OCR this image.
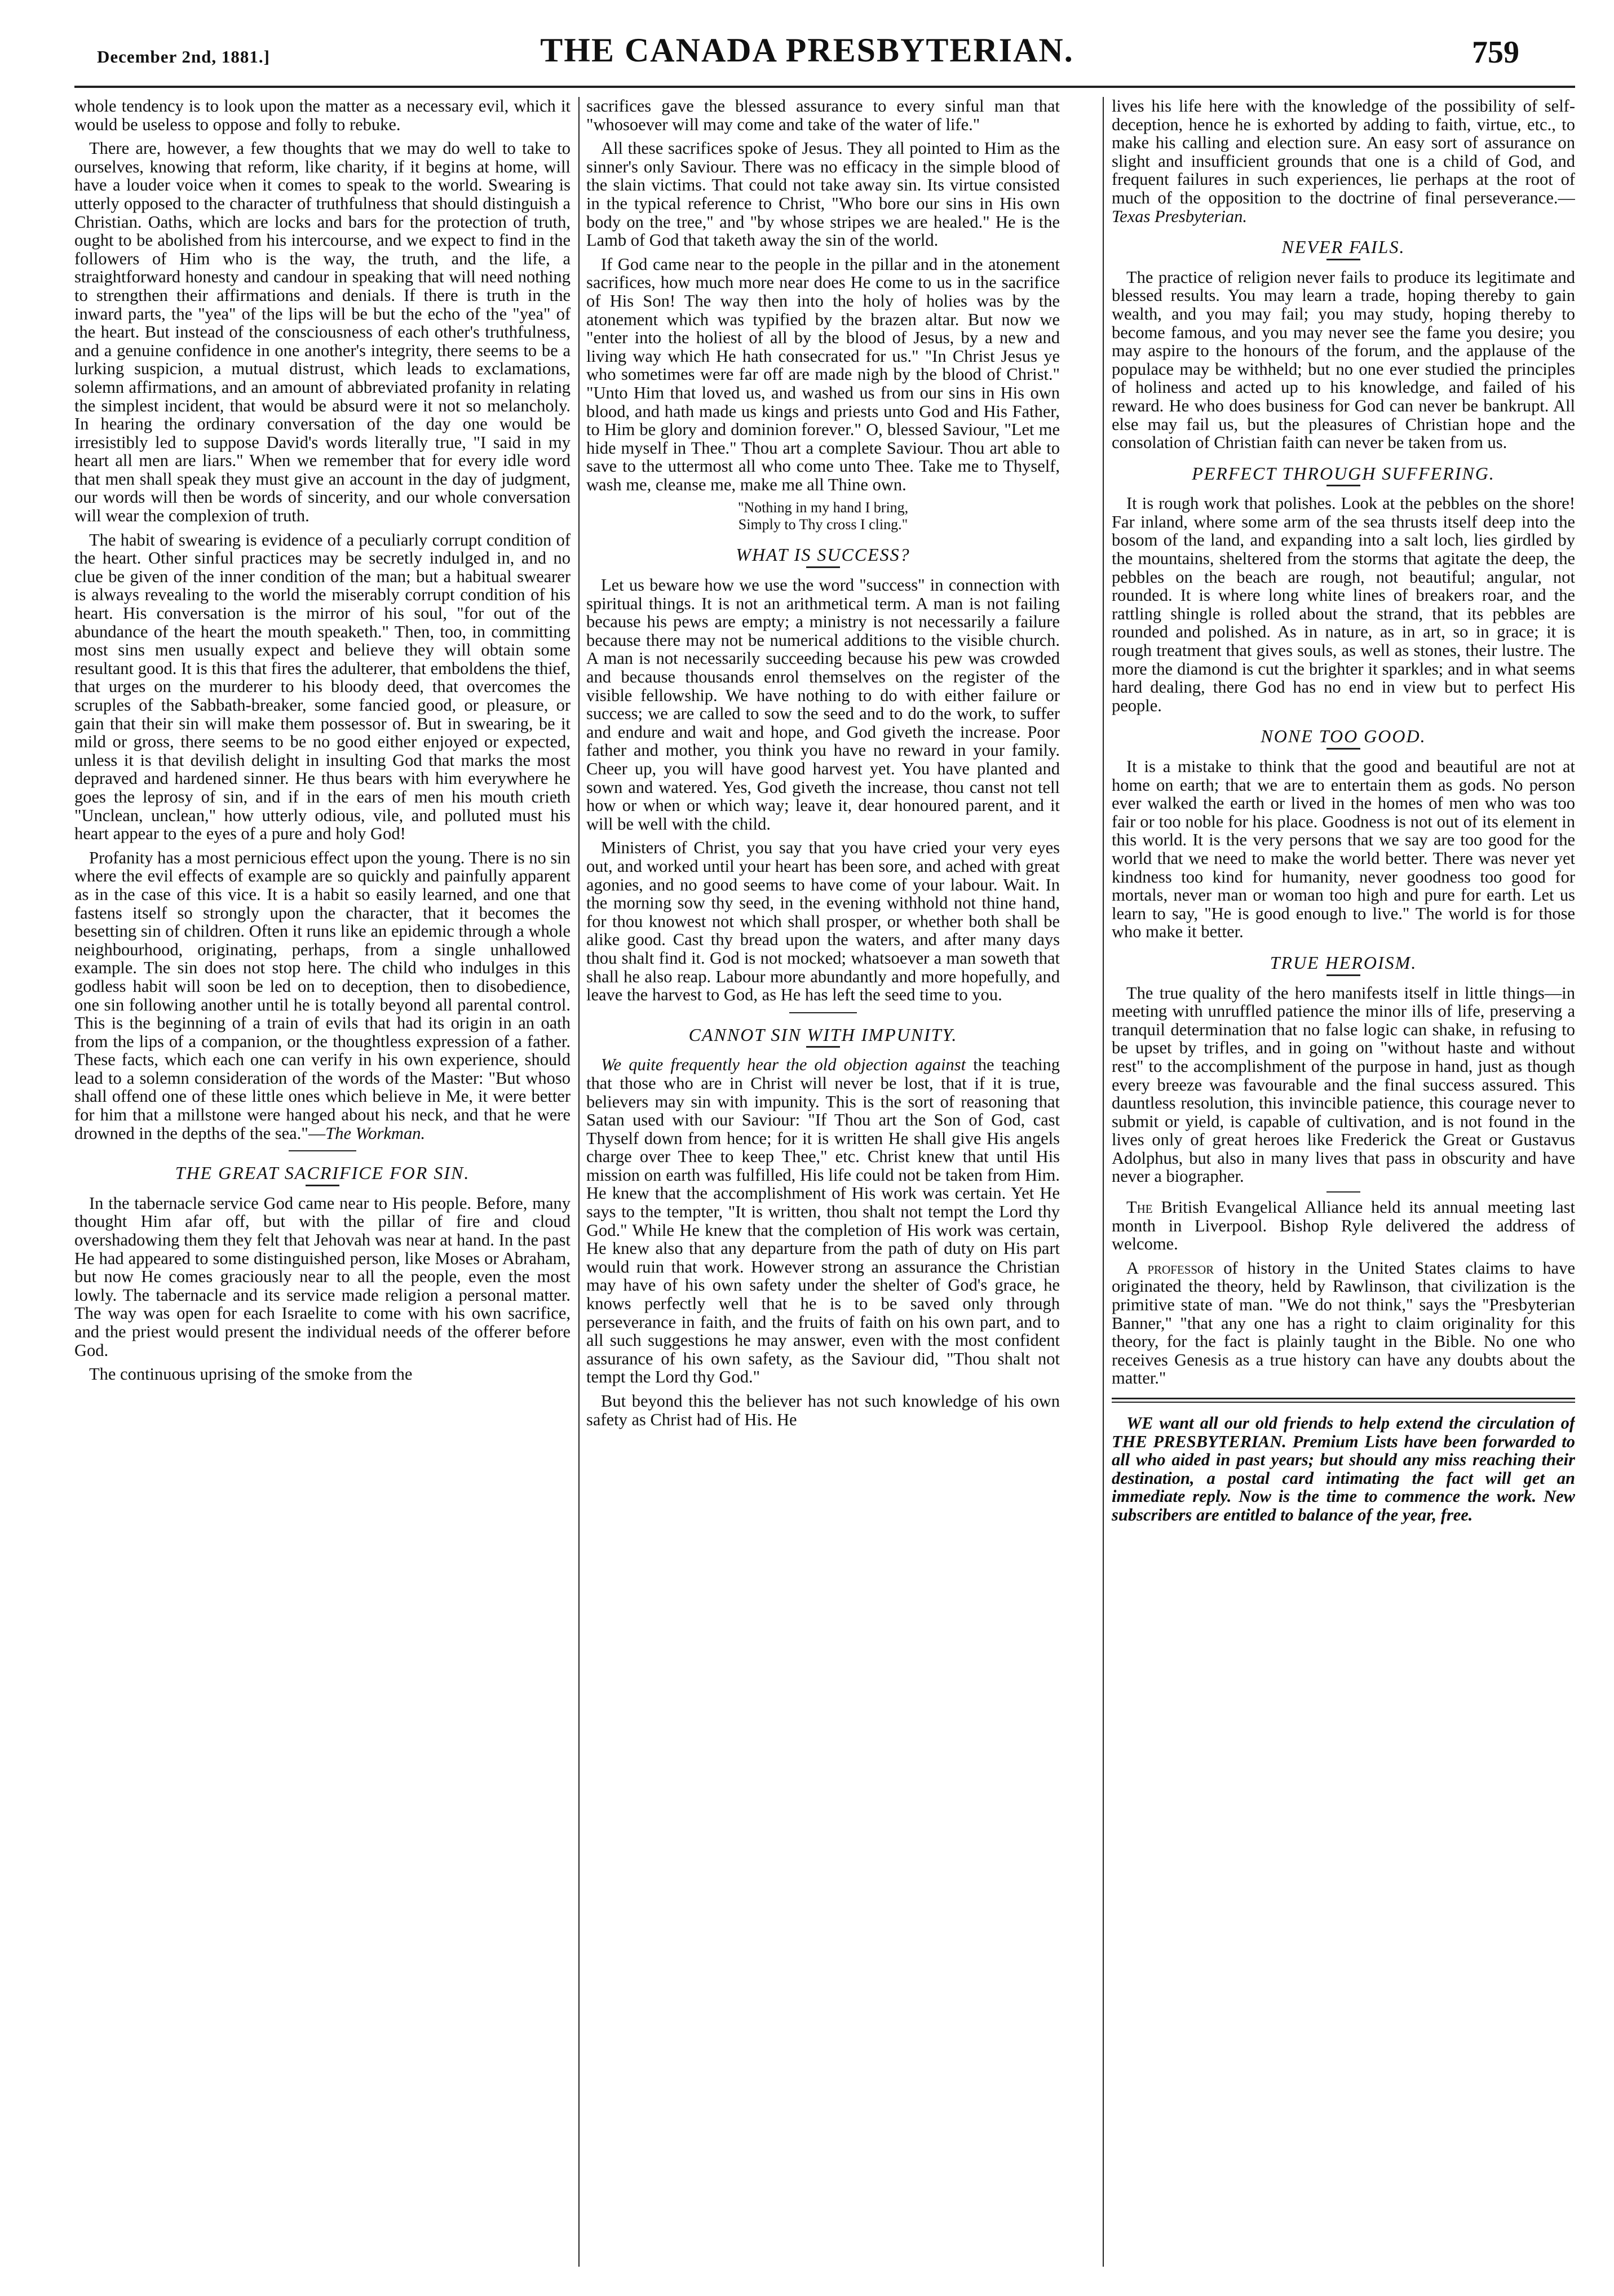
December 2nd, 1881.]	THE CANADA PRESBYTERIAN.	759

whole tendency is to look upon the matter as a necessary evil, which it would be useless to oppose and folly to rebuke.

There are, however, a few thoughts that we may do well to take to ourselves, knowing that reform, like charity, if it begins at home, will have a louder voice when it comes to speak to the world. Swearing is utterly opposed to the character of truthfulness that should distinguish a Christian. Oaths, which are locks and bars for the protection of truth, ought to be abolished from his intercourse, and we expect to find in the followers of Him who is the way, the truth, and the life, a straightforward honesty and candour in speaking that will need nothing to strengthen their affirmations and denials. If there is truth in the inward parts, the "yea" of the lips will be but the echo of the "yea" of the heart. But instead of the consciousness of each other's truthfulness, and a genuine confidence in one another's integrity, there seems to be a lurking suspicion, a mutual distrust, which leads to exclamations, solemn affirmations, and an amount of abbreviated profanity in relating the simplest incident, that would be absurd were it not so melancholy. In hearing the ordinary conversation of the day one would be irresistibly led to suppose David's words literally true, "I said in my heart all men are liars." When we remember that for every idle word that men shall speak they must give an account in the day of judgment, our words will then be words of sincerity, and our whole conversation will wear the complexion of truth.

The habit of swearing is evidence of a peculiarly corrupt condition of the heart. Other sinful practices may be secretly indulged in, and no clue be given of the inner condition of the man; but a habitual swearer is always revealing to the world the miserably corrupt condition of his heart. His conversation is the mirror of his soul, "for out of the abundance of the heart the mouth speaketh." Then, too, in committing most sins men usually expect and believe they will obtain some resultant good. It is this that fires the adulterer, that emboldens the thief, that urges on the murderer to his bloody deed, that overcomes the scruples of the Sabbath-breaker, some fancied good, or pleasure, or gain that their sin will make them possessor of. But in swearing, be it mild or gross, there seems to be no good either enjoyed or expected, unless it is that devilish delight in insulting God that marks the most depraved and hardened sinner. He thus bears with him everywhere he goes the leprosy of sin, and if in the ears of men his mouth crieth "Unclean, unclean," how utterly odious, vile, and polluted must his heart appear to the eyes of a pure and holy God!

Profanity has a most pernicious effect upon the young. There is no sin where the evil effects of example are so quickly and painfully apparent as in the case of this vice. It is a habit so easily learned, and one that fastens itself so strongly upon the character, that it becomes the besetting sin of children. Often it runs like an epidemic through a whole neighbourhood, originating, perhaps, from a single unhallowed example. The sin does not stop here. The child who indulges in this godless habit will soon be led on to deception, then to disobedience, one sin following another until he is totally beyond all parental control. This is the beginning of a train of evils that had its origin in an oath from the lips of a companion, or the thoughtless expression of a father. These facts, which each one can verify in his own experience, should lead to a solemn consideration of the words of the Master: "But whoso shall offend one of these little ones which believe in Me, it were better for him that a millstone were hanged about his neck, and that he were drowned in the depths of the sea."—The Workman.

THE GREAT SACRIFICE FOR SIN.

In the tabernacle service God came near to His people. Before, many thought Him afar off, but with the pillar of fire and cloud overshadowing them they felt that Jehovah was near at hand. In the past He had appeared to some distinguished person, like Moses or Abraham, but now He comes graciously near to all the people, even the most lowly. The tabernacle and its service made religion a personal matter. The way was open for each Israelite to come with his own sacrifice, and the priest would present the individual needs of the offerer before God.

The continuous uprising of the smoke from the

sacrifices gave the blessed assurance to every sinful man that "whosoever will may come and take of the water of life."

All these sacrifices spoke of Jesus. They all pointed to Him as the sinner's only Saviour. There was no efficacy in the simple blood of the slain victims. That could not take away sin. Its virtue consisted in the typical reference to Christ, "Who bore our sins in His own body on the tree," and "by whose stripes we are healed." He is the Lamb of God that taketh away the sin of the world.

If God came near to the people in the pillar and in the atonement sacrifices, how much more near does He come to us in the sacrifice of His Son! The way then into the holy of holies was by the atonement which was typified by the brazen altar. But now we "enter into the holiest of all by the blood of Jesus, by a new and living way which He hath consecrated for us." "In Christ Jesus ye who sometimes were far off are made nigh by the blood of Christ." "Unto Him that loved us, and washed us from our sins in His own blood, and hath made us kings and priests unto God and His Father, to Him be glory and dominion forever." O, blessed Saviour, "Let me hide myself in Thee." Thou art a complete Saviour. Thou art able to save to the uttermost all who come unto Thee. Take me to Thyself, wash me, cleanse me, make me all Thine own.

"Nothing in my hand I bring,
Simply to Thy cross I cling."
WHAT IS SUCCESS?

Let us beware how we use the word "success" in connection with spiritual things. It is not an arithmetical term. A man is not failing because his pews are empty; a ministry is not necessarily a failure because there may not be numerical additions to the visible church. A man is not necessarily succeeding because his pew was crowded and because thousands enrol themselves on the register of the visible fellowship. We have nothing to do with either failure or success; we are called to sow the seed and to do the work, to suffer and endure and wait and hope, and God giveth the increase. Poor father and mother, you think you have no reward in your family. Cheer up, you will have good harvest yet. You have planted and sown and watered. Yes, God giveth the increase, thou canst not tell how or when or which way; leave it, dear honoured parent, and it will be well with the child.

Ministers of Christ, you say that you have cried your very eyes out, and worked until your heart has been sore, and ached with great agonies, and no good seems to have come of your labour. Wait. In the morning sow thy seed, in the evening withhold not thine hand, for thou knowest not which shall prosper, or whether both shall be alike good. Cast thy bread upon the waters, and after many days thou shalt find it. God is not mocked; whatsoever a man soweth that shall he also reap. Labour more abundantly and more hopefully, and leave the harvest to God, as He has left the seed time to you.

CANNOT SIN WITH IMPUNITY.

We quite frequently hear the old objection against the teaching that those who are in Christ will never be lost, that if it is true, believers may sin with impunity. This is the sort of reasoning that Satan used with our Saviour: "If Thou art the Son of God, cast Thyself down from hence; for it is written He shall give His angels charge over Thee to keep Thee," etc. Christ knew that until His mission on earth was fulfilled, His life could not be taken from Him. He knew that the accomplishment of His work was certain. Yet He says to the tempter, "It is written, thou shalt not tempt the Lord thy God." While He knew that the completion of His work was certain, He knew also that any departure from the path of duty on His part would ruin that work. However strong an assurance the Christian may have of his own safety under the shelter of God's grace, he knows perfectly well that he is to be saved only through perseverance in faith, and the fruits of faith on his own part, and to all such suggestions he may answer, even with the most confident assurance of his own safety, as the Saviour did, "Thou shalt not tempt the Lord thy God."

But beyond this the believer has not such knowledge of his own safety as Christ had of His. He

lives his life here with the knowledge of the possibility of self-deception, hence he is exhorted by adding to faith, virtue, etc., to make his calling and election sure. An easy sort of assurance on slight and insufficient grounds that one is a child of God, and frequent failures in such experiences, lie perhaps at the root of much of the opposition to the doctrine of final perseverance.—Texas Presbyterian.

NEVER FAILS.

The practice of religion never fails to produce its legitimate and blessed results. You may learn a trade, hoping thereby to gain wealth, and you may fail; you may study, hoping thereby to become famous, and you may never see the fame you desire; you may aspire to the honours of the forum, and the applause of the populace may be withheld; but no one ever studied the principles of holiness and acted up to his knowledge, and failed of his reward. He who does business for God can never be bankrupt. All else may fail us, but the pleasures of Christian hope and the consolation of Christian faith can never be taken from us.

PERFECT THROUGH SUFFERING.

It is rough work that polishes. Look at the pebbles on the shore! Far inland, where some arm of the sea thrusts itself deep into the bosom of the land, and expanding into a salt loch, lies girdled by the mountains, sheltered from the storms that agitate the deep, the pebbles on the beach are rough, not beautiful; angular, not rounded. It is where long white lines of breakers roar, and the rattling shingle is rolled about the strand, that its pebbles are rounded and polished. As in nature, as in art, so in grace; it is rough treatment that gives souls, as well as stones, their lustre. The more the diamond is cut the brighter it sparkles; and in what seems hard dealing, there God has no end in view but to perfect His people.

NONE TOO GOOD.

It is a mistake to think that the good and beautiful are not at home on earth; that we are to entertain them as gods. No person ever walked the earth or lived in the homes of men who was too fair or too noble for his place. Goodness is not out of its element in this world. It is the very persons that we say are too good for the world that we need to make the world better. There was never yet kindness too kind for humanity, never goodness too good for mortals, never man or woman too high and pure for earth. Let us learn to say, "He is good enough to live." The world is for those who make it better.

TRUE HEROISM.

The true quality of the hero manifests itself in little things—in meeting with unruffled patience the minor ills of life, preserving a tranquil determination that no false logic can shake, in refusing to be upset by trifles, and in going on "without haste and without rest" to the accomplishment of the purpose in hand, just as though every breeze was favourable and the final success assured. This dauntless resolution, this invincible patience, this courage never to submit or yield, is capable of cultivation, and is not found in the lives only of great heroes like Frederick the Great or Gustavus Adolphus, but also in many lives that pass in obscurity and have never a biographer.

The British Evangelical Alliance held its annual meeting last month in Liverpool. Bishop Ryle delivered the address of welcome.

A professor of history in the United States claims to have originated the theory, held by Rawlinson, that civilization is the primitive state of man. "We do not think," says the "Presbyterian Banner," "that any one has a right to claim originality for this theory, for the fact is plainly taught in the Bible. No one who receives Genesis as a true history can have any doubts about the matter."

WE want all our old friends to help extend the circulation of THE PRESBYTERIAN. Premium Lists have been forwarded to all who aided in past years; but should any miss reaching their destination, a postal card intimating the fact will get an immediate reply. Now is the time to commence the work. New subscribers are entitled to balance of the year, free.
